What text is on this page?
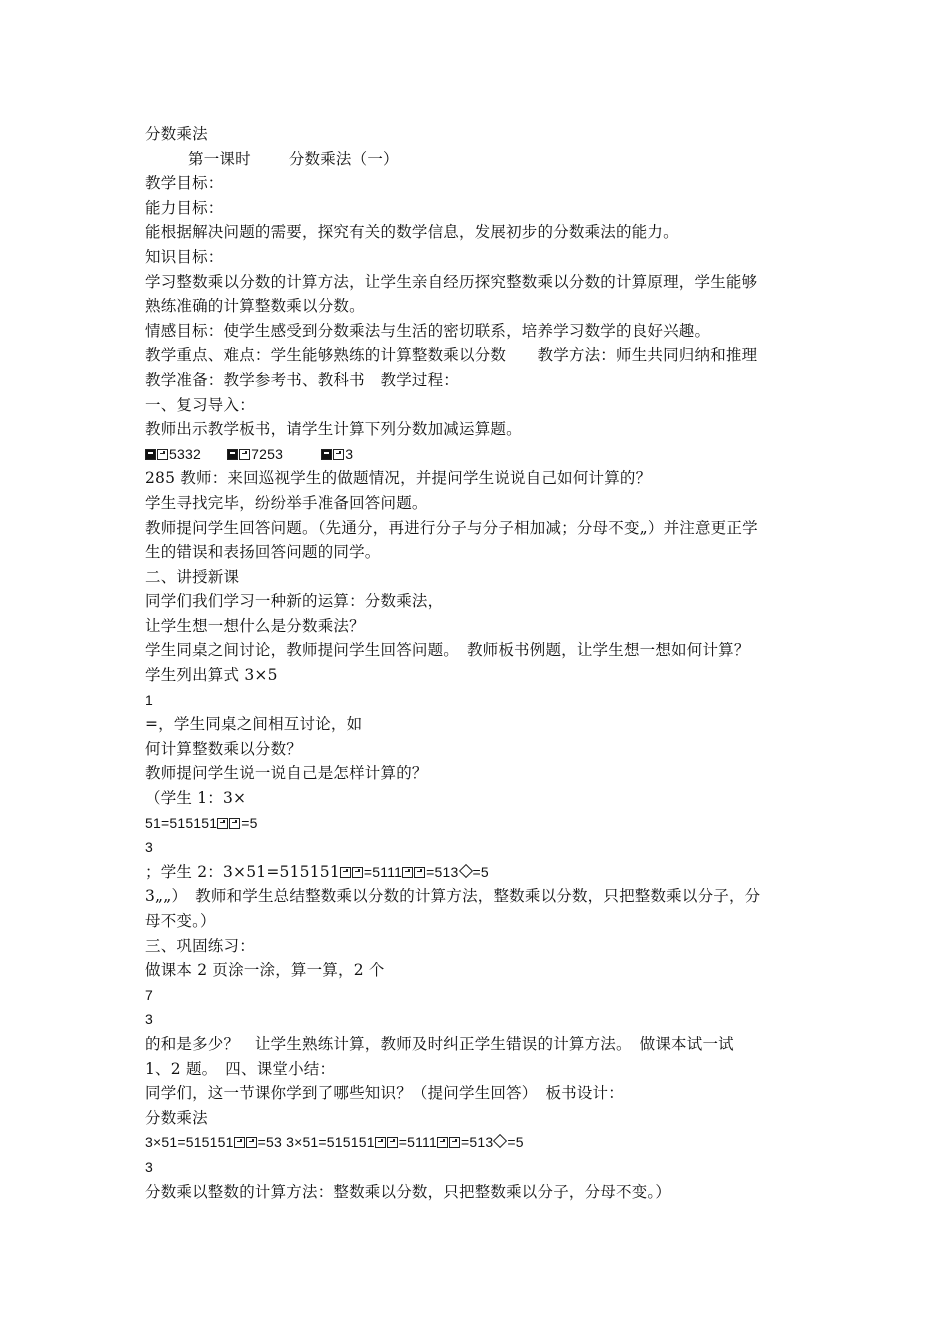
分数乘法
第一课时 分数乘法（一）
教学目标：
能力目标：
能根据解决问题的需要，探究有关的数学信息，发展初步的分数乘法的能力。
知识目标：
学习整数乘以分数的计算方法，让学生亲自经历探究整数乘以分数的计算原理，学生能够
熟练准确的计算整数乘以分数。
情感目标：使学生感受到分数乘法与生活的密切联系，培养学习数学的良好兴趣。
教学重点、难点：学生能够熟练的计算整数乘以分数　　教学方法：师生共同归纳和推理
教学准备：教学参考书、教科书　教学过程：
一、复习导入：
教师出示教学板书，请学生计算下列分数加减运算题。
5332	7253	3
285 教师：来回巡视学生的做题情况，并提问学生说说自己如何计算的？
学生寻找完毕，纷纷举手准备回答问题。
教师提问学生回答问题。（先通分，再进行分子与分子相加减；分母不变„）并注意更正学
生的错误和表扬回答问题的同学。
二、讲授新课
同学们我们学习一种新的运算：分数乘法，
让学生想一想什么是分数乘法？
学生同桌之间讨论，教师提问学生回答问题。　教师板书例题，让学生想一想如何计算？
学生列出算式 3×5
1
=，学生同桌之间相互讨论，如
何计算整数乘以分数？
教师提问学生说一说自己是怎样计算的？
（学生 1：3×
51=515151 =5
3
；学生 2：3×51=515151 =5111 =513 =5
3„„）　教师和学生总结整数乘以分数的计算方法，整数乘以分数，只把整数乘以分子，分
母不变。）
三、巩固练习：
做课本 2 页涂一涂，算一算，2 个
7
3
的和是多少？　让学生熟练计算，教师及时纠正学生错误的计算方法。　做课本试一试
1、2 题。　四、课堂小结：
同学们，这一节课你学到了哪些知识？（提问学生回答）　板书设计：
分数乘法
3×51=515151 =53 3×51=515151 =5111 =513 =5
3
分数乘以整数的计算方法：整数乘以分数，只把整数乘以分子，分母不变。）
